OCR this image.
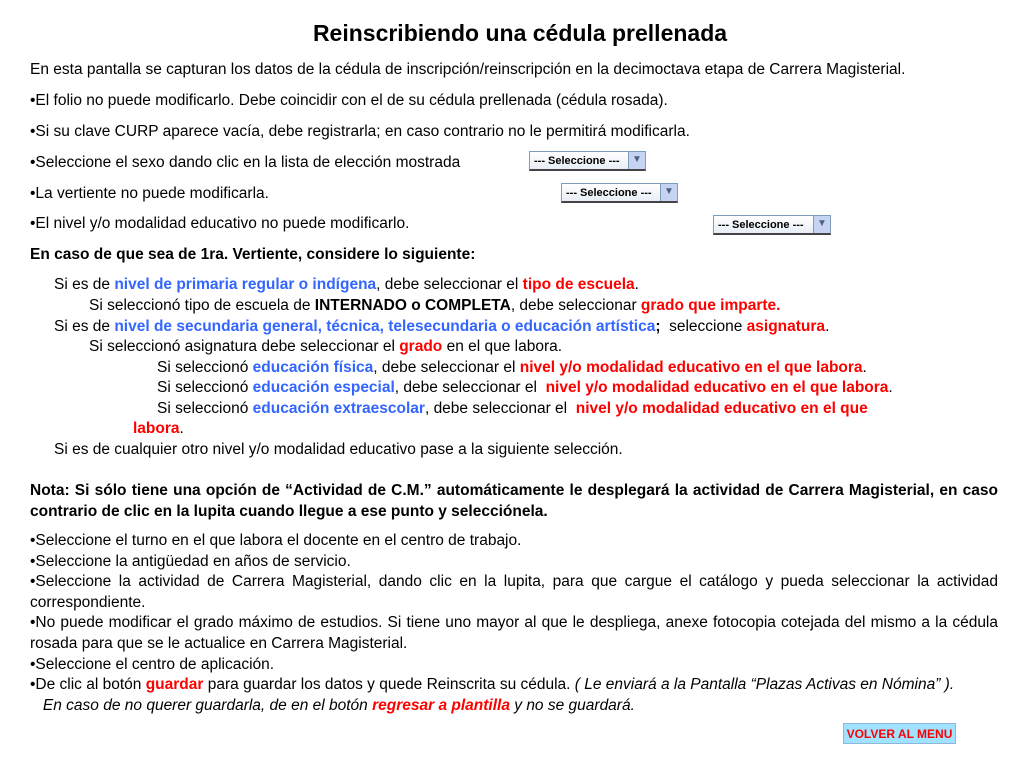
Reinscribiendo una cédula prellenada
En esta pantalla se capturan los datos de la cédula de inscripción/reinscripción en la decimoctava etapa de Carrera Magisterial.
•El folio no puede modificarlo. Debe coincidir con el de su cédula prellenada (cédula rosada).
•Si su clave CURP aparece vacía, debe registrarla; en caso contrario no le permitirá modificarla.
•Seleccione el sexo dando clic en la lista de elección mostrada
•La vertiente no puede modificarla.
•El nivel y/o modalidad educativo no puede modificarlo.
--- Seleccione ---	▼
--- Seleccione ---	▼
--- Seleccione ---	▼
En caso de que sea de 1ra. Vertiente, considere lo siguiente:
Si es de nivel de primaria regular o indígena, debe seleccionar el tipo de escuela.
Si seleccionó tipo de escuela de INTERNADO o COMPLETA, debe seleccionar grado que imparte.
Si es de nivel de secundaria general, técnica, telesecundaria o educación artística;  seleccione asignatura.
Si seleccionó asignatura debe seleccionar el grado en el que labora.
Si seleccionó educación física, debe seleccionar el nivel y/o modalidad educativo en el que labora.
Si seleccionó educación especial, debe seleccionar el  nivel y/o modalidad educativo en el que labora.
Si seleccionó educación extraescolar, debe seleccionar el  nivel y/o modalidad educativo en el que
labora.
Si es de cualquier otro nivel y/o modalidad educativo pase a la siguiente selección.
Nota: Si sólo tiene una opción de “Actividad de C.M.” automáticamente le desplegará la actividad de Carrera Magisterial, en caso contrario de clic en la lupita cuando llegue a ese punto y selecciónela.
•Seleccione el turno en el que labora el docente en el centro de trabajo.
•Seleccione la antigüedad en años de servicio.
•Seleccione la actividad de Carrera Magisterial, dando clic en la lupita, para que cargue el catálogo y pueda seleccionar la actividad correspondiente.
•No puede modificar el grado máximo de estudios. Si tiene uno mayor al que le despliega, anexe fotocopia cotejada del mismo a la cédula rosada para que se le actualice en Carrera Magisterial.
•Seleccione el centro de aplicación.
•De clic al botón guardar para guardar los datos y quede Reinscrita su cédula. ( Le enviará a la Pantalla “Plazas Activas en Nómina” ).   En caso de no querer guardarla, de en el botón regresar a plantilla y no se guardará.
VOLVER AL MENU
